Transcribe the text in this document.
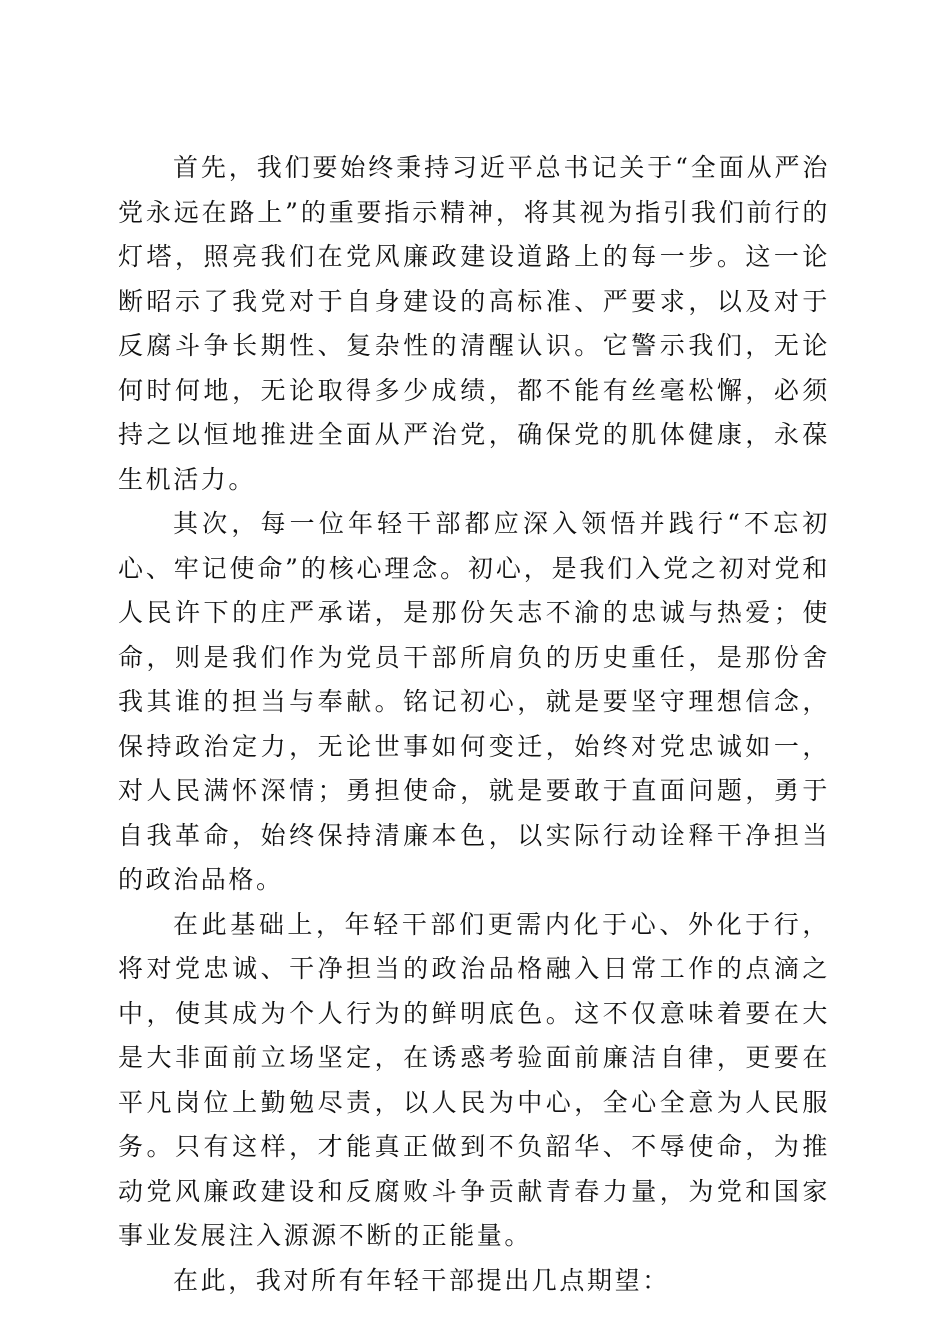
首先，我们要始终秉持习近平总书记关于“全面从严治党永远在路上”的重要指示精神，将其视为指引我们前行的灯塔，照亮我们在党风廉政建设道路上的每一步。这一论断昭示了我党对于自身建设的高标准、严要求，以及对于反腐斗争长期性、复杂性的清醒认识。它警示我们，无论何时何地，无论取得多少成绩，都不能有丝毫松懈，必须持之以恒地推进全面从严治党，确保党的肌体健康，永葆生机活力。

其次，每一位年轻干部都应深入领悟并践行“不忘初心、牢记使命”的核心理念。初心，是我们入党之初对党和人民许下的庄严承诺，是那份矢志不渝的忠诚与热爱；使命，则是我们作为党员干部所肩负的历史重任，是那份舍我其谁的担当与奉献。铭记初心，就是要坚守理想信念，保持政治定力，无论世事如何变迁，始终对党忠诚如一，对人民满怀深情；勇担使命，就是要敢于直面问题，勇于自我革命，始终保持清廉本色，以实际行动诠释干净担当的政治品格。

在此基础上，年轻干部们更需内化于心、外化于行，将对党忠诚、干净担当的政治品格融入日常工作的点滴之中，使其成为个人行为的鲜明底色。这不仅意味着要在大是大非面前立场坚定，在诱惑考验面前廉洁自律，更要在平凡岗位上勤勉尽责，以人民为中心，全心全意为人民服务。只有这样，才能真正做到不负韶华、不辱使命，为推动党风廉政建设和反腐败斗争贡献青春力量，为党和国家事业发展注入源源不断的正能量。

在此，我对所有年轻干部提出几点期望：
